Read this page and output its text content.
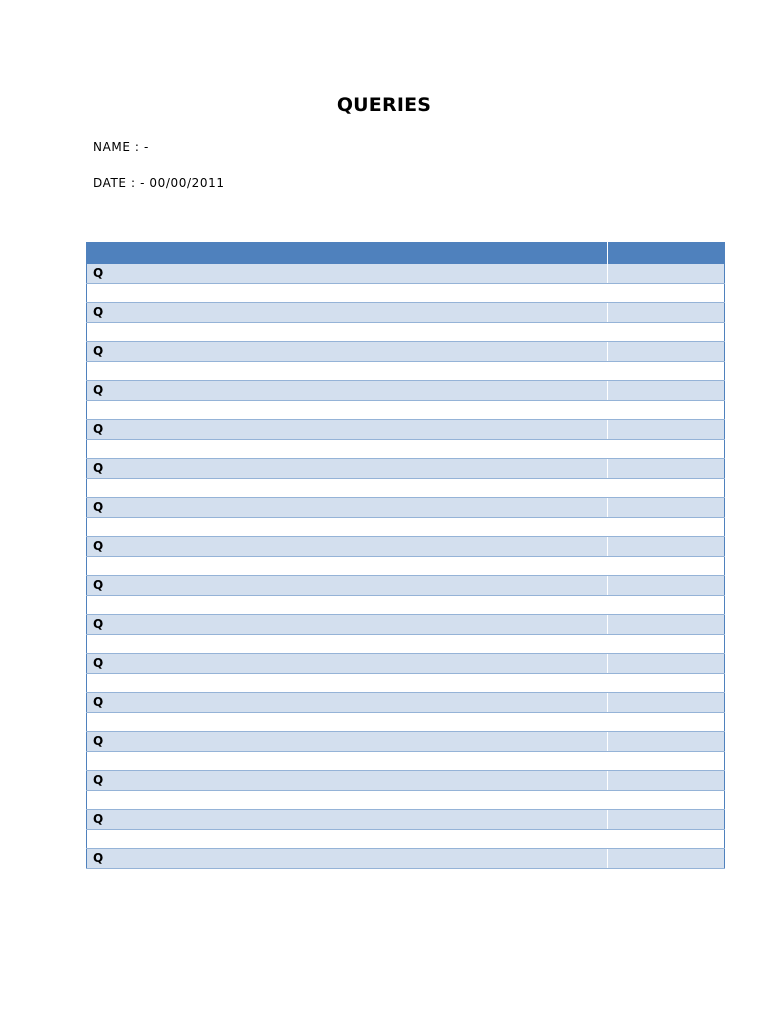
QUERIES
NAME : -
DATE : - 00/00/2011

Q	

Q	

Q	

Q	

Q	

Q	

Q	

Q	

Q	

Q	

Q	

Q	

Q	

Q	

Q	

Q	
